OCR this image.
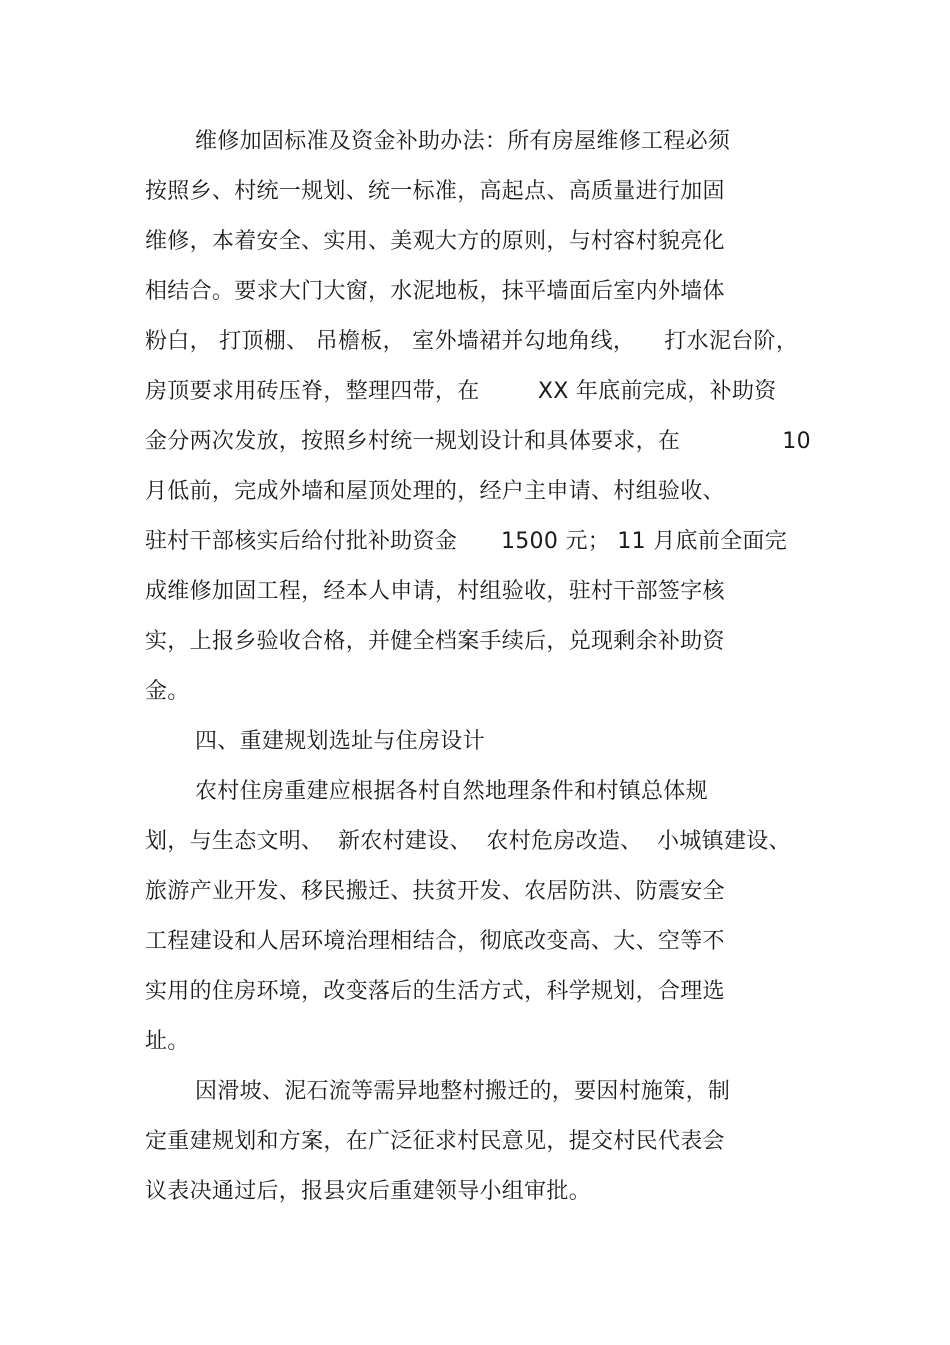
维修加固标准及资金补助办法：所有房屋维修工程必须
按照乡、村统一规划、统一标准，高起点、高质量进行加固
维修，本着安全、实用、美观大方的原则，与村容村貌亮化
相结合。要求大门大窗，水泥地板，抹平墙面后室内外墙体
粉白， 打顶棚、 吊檐板， 室外墙裙并勾地角线，    打水泥台阶，
房顶要求用砖压脊，整理四带，在        XX 年底前完成，补助资
金分两次发放，按照乡村统一规划设计和具体要求，在              10
月低前，完成外墙和屋顶处理的，经户主申请、村组验收、
驻村干部核实后给付批补助资金      1500 元； 11 月底前全面完
成维修加固工程，经本人申请，村组验收，驻村干部签字核
实，上报乡验收合格，并健全档案手续后，兑现剩余补助资
金。
四、重建规划选址与住房设计
农村住房重建应根据各村自然地理条件和村镇总体规
划，与生态文明、  新农村建设、  农村危房改造、  小城镇建设、
旅游产业开发、移民搬迁、扶贫开发、农居防洪、防震安全
工程建设和人居环境治理相结合，彻底改变高、大、空等不
实用的住房环境，改变落后的生活方式，科学规划，合理选
址。
因滑坡、泥石流等需异地整村搬迁的，要因村施策，制
定重建规划和方案，在广泛征求村民意见，提交村民代表会
议表决通过后，报县灾后重建领导小组审批。
